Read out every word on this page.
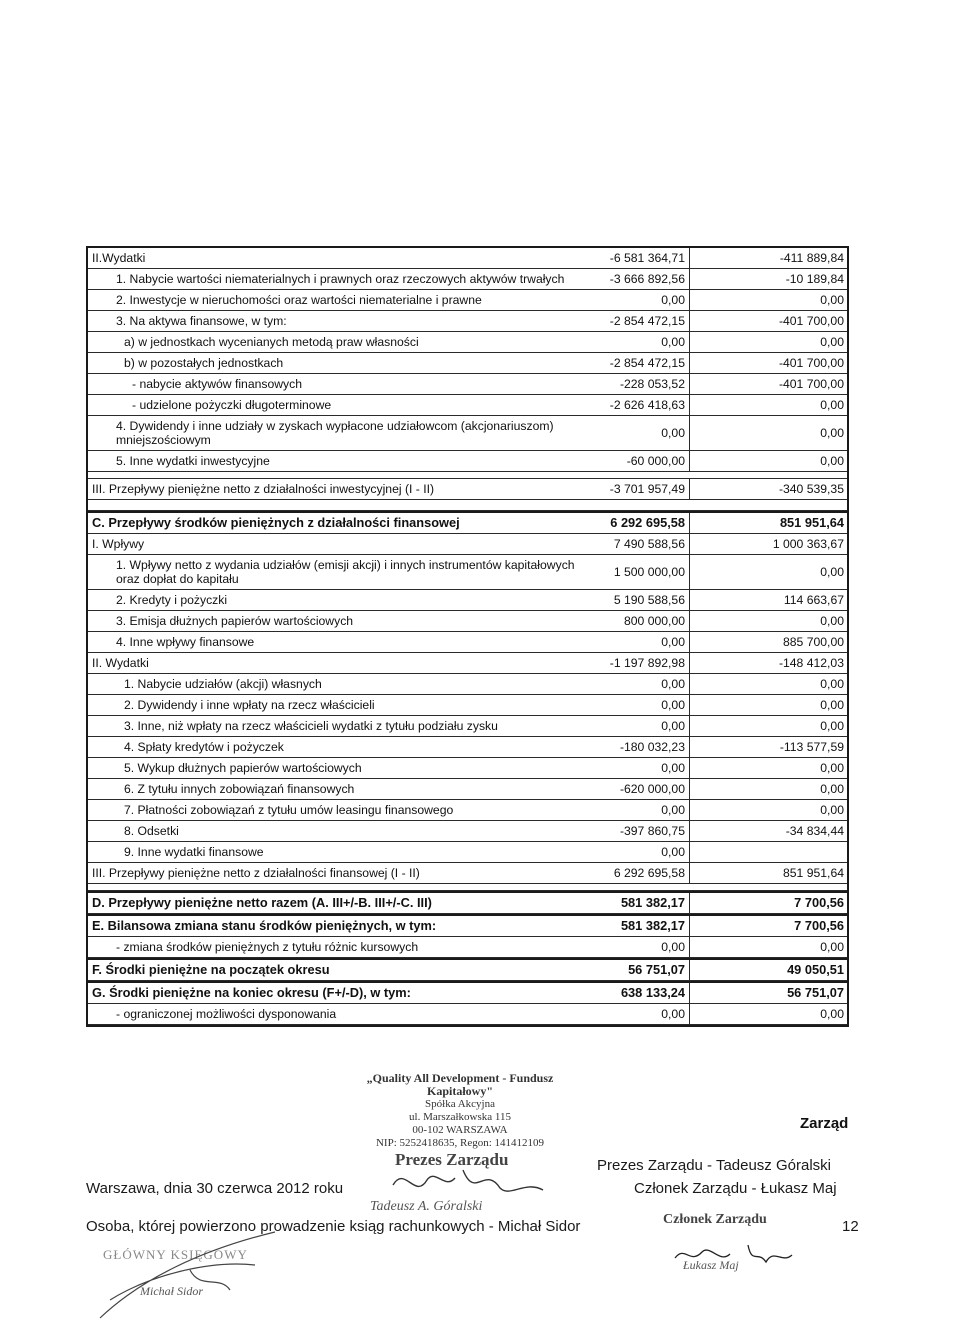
II.Wydatki	-6 581 364,71	-411 889,84
1. Nabycie wartości niematerialnych i prawnych oraz rzeczowych aktywów trwałych	-3 666 892,56	-10 189,84
2. Inwestycje w nieruchomości oraz wartości niematerialne i prawne	0,00	0,00
3. Na aktywa finansowe, w tym:	-2 854 472,15	-401 700,00
a) w jednostkach wycenianych metodą praw własności	0,00	0,00
b) w pozostałych jednostkach	-2 854 472,15	-401 700,00
- nabycie aktywów finansowych	-228 053,52	-401 700,00
- udzielone pożyczki długoterminowe	-2 626 418,63	0,00
4. Dywidendy i inne udziały w zyskach wypłacone udziałowcom (akcjonariuszom) mniejszościowym	0,00	0,00
5. Inne wydatki inwestycyjne	-60 000,00	0,00
III. Przepływy pieniężne netto z działalności inwestycyjnej (I - II)	-3 701 957,49	-340 539,35
C. Przepływy środków pieniężnych z działalności finansowej	6 292 695,58	851 951,64
I. Wpływy	7 490 588,56	1 000 363,67
1. Wpływy netto z wydania udziałów (emisji akcji) i innych instrumentów kapitałowych oraz dopłat do kapitału	1 500 000,00	0,00
2. Kredyty i pożyczki	5 190 588,56	114 663,67
3. Emisja dłużnych papierów wartościowych	800 000,00	0,00
4. Inne wpływy finansowe	0,00	885 700,00
II. Wydatki	-1 197 892,98	-148 412,03
1. Nabycie udziałów (akcji) własnych	0,00	0,00
2. Dywidendy i inne wpłaty na rzecz właścicieli	0,00	0,00
3. Inne, niż wpłaty na rzecz właścicieli wydatki z tytułu podziału zysku	0,00	0,00
4. Spłaty kredytów i pożyczek	-180 032,23	-113 577,59
5. Wykup dłużnych papierów wartościowych	0,00	0,00
6. Z tytułu innych zobowiązań finansowych	-620 000,00	0,00
7. Płatności zobowiązań z tytułu umów leasingu finansowego	0,00	0,00
8. Odsetki	-397 860,75	-34 834,44
9. Inne wydatki finansowe	0,00
III. Przepływy pieniężne netto z działalności finansowej (I - II)	6 292 695,58	851 951,64
D. Przepływy pieniężne netto razem (A. III+/-B. III+/-C. III)	581 382,17	7 700,56
E. Bilansowa zmiana stanu środków pieniężnych, w tym:	581 382,17	7 700,56
- zmiana środków pieniężnych z tytułu różnic kursowych	0,00	0,00
F. Środki pieniężne na początek okresu	56 751,07	49 050,51
G. Środki pieniężne na koniec okresu (F+/-D), w tym:	638 133,24	56 751,07
- ograniczonej możliwości dysponowania	0,00	0,00
„Quality All Development - Fundusz Kapitałowy"
Spółka Akcyjna
ul. Marszałkowska 115
00-102 WARSZAWA
NIP: 5252418635, Regon: 141412109
Zarząd
Prezes Zarządu - Tadeusz Góralski
Członek Zarządu - Łukasz Maj
Warszawa, dnia 30 czerwca 2012 roku
Osoba, której powierzono prowadzenie ksiąg rachunkowych - Michał Sidor	12
Prezes Zarządu
Tadeusz A. Góralski
Członek Zarządu
Łukasz Maj
GŁÓWNY KSIĘGOWY
Michał Sidor
